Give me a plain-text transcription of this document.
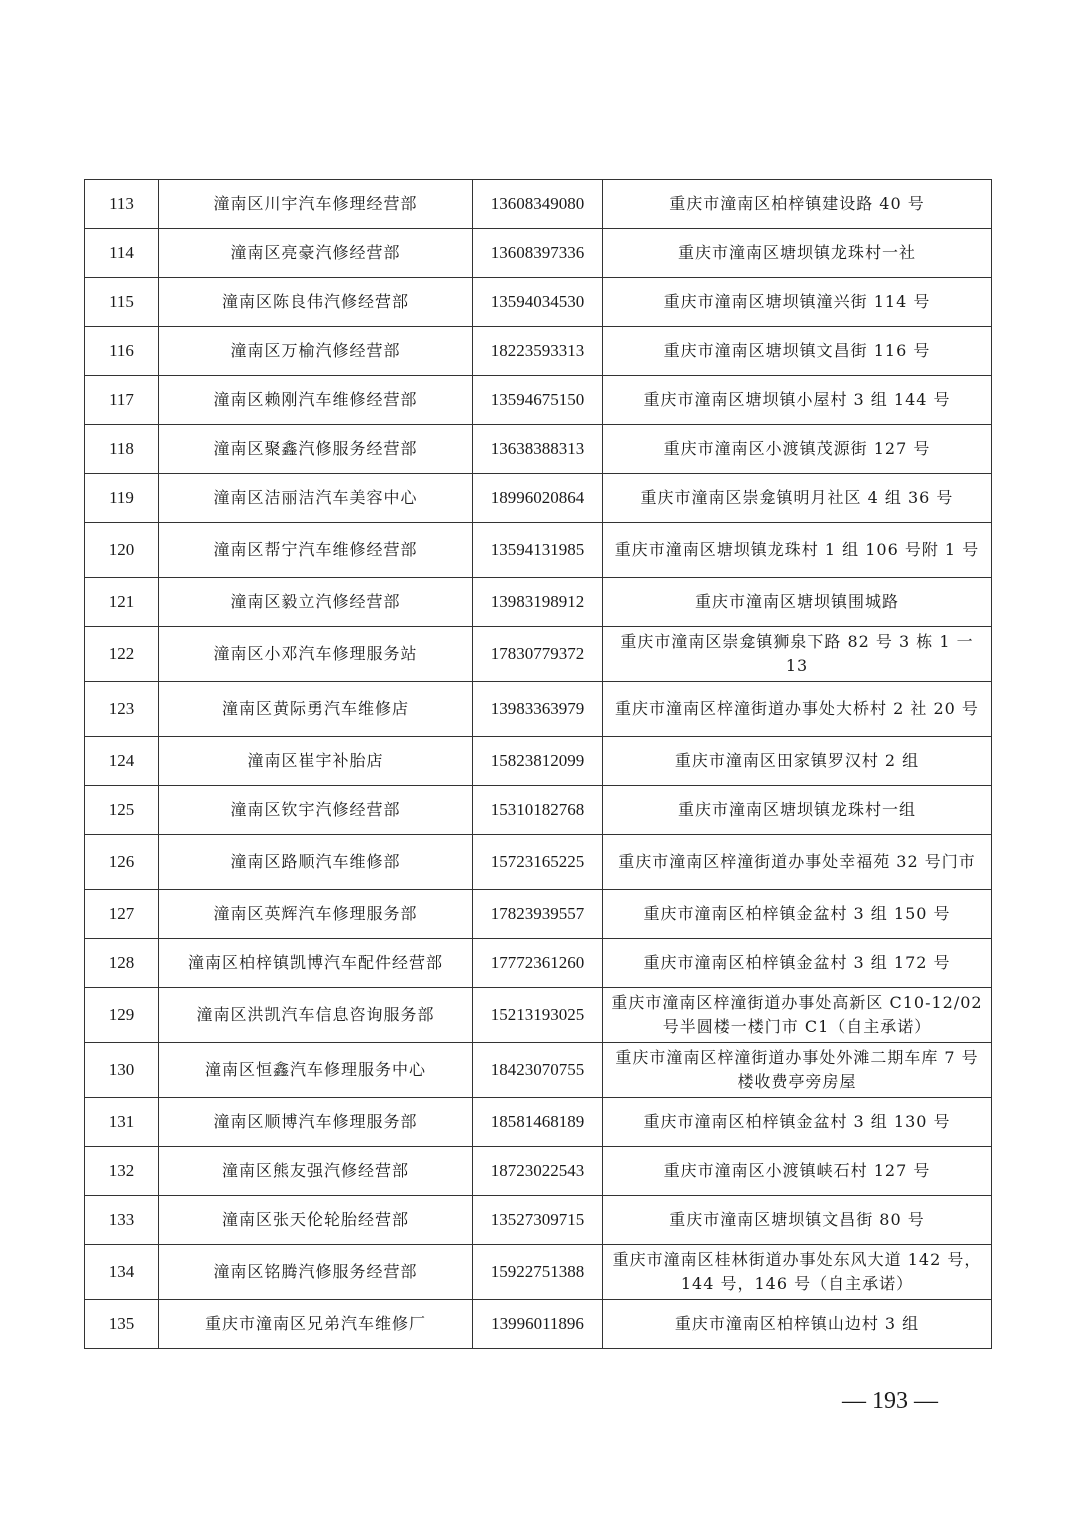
113	潼南区川宇汽车修理经营部	13608349080	重庆市潼南区柏梓镇建设路 40 号
114	潼南区亮豪汽修经营部	13608397336	重庆市潼南区塘坝镇龙珠村一社
115	潼南区陈良伟汽修经营部	13594034530	重庆市潼南区塘坝镇潼兴街 114 号
116	潼南区万榆汽修经营部	18223593313	重庆市潼南区塘坝镇文昌街 116 号
117	潼南区赖刚汽车维修经营部	13594675150	重庆市潼南区塘坝镇小屋村 3 组 144 号
118	潼南区聚鑫汽修服务经营部	13638388313	重庆市潼南区小渡镇茂源街 127 号
119	潼南区洁丽洁汽车美容中心	18996020864	重庆市潼南区崇龛镇明月社区 4 组 36 号
120	潼南区帮宁汽车维修经营部	13594131985	重庆市潼南区塘坝镇龙珠村 1 组 106 号附 1 号
121	潼南区毅立汽修经营部	13983198912	重庆市潼南区塘坝镇围城路
122	潼南区小邓汽车修理服务站	17830779372	重庆市潼南区崇龛镇狮泉下路 82 号 3 栋 1 一 13
123	潼南区黄际勇汽车维修店	13983363979	重庆市潼南区梓潼街道办事处大桥村 2 社 20 号
124	潼南区崔宇补胎店	15823812099	重庆市潼南区田家镇罗汉村 2 组
125	潼南区钦宇汽修经营部	15310182768	重庆市潼南区塘坝镇龙珠村一组
126	潼南区路顺汽车维修部	15723165225	重庆市潼南区梓潼街道办事处幸福苑 32 号门市
127	潼南区英辉汽车修理服务部	17823939557	重庆市潼南区柏梓镇金盆村 3 组 150 号
128	潼南区柏梓镇凯博汽车配件经营部	17772361260	重庆市潼南区柏梓镇金盆村 3 组 172 号
129	潼南区洪凯汽车信息咨询服务部	15213193025	重庆市潼南区梓潼街道办事处高新区 C10-12/02 号半圆楼一楼门市 C1（自主承诺）
130	潼南区恒鑫汽车修理服务中心	18423070755	重庆市潼南区梓潼街道办事处外滩二期车库 7 号楼收费亭旁房屋
131	潼南区顺博汽车修理服务部	18581468189	重庆市潼南区柏梓镇金盆村 3 组 130 号
132	潼南区熊友强汽修经营部	18723022543	重庆市潼南区小渡镇峡石村 127 号
133	潼南区张天伦轮胎经营部	13527309715	重庆市潼南区塘坝镇文昌街 80 号
134	潼南区铭腾汽修服务经营部	15922751388	重庆市潼南区桂林街道办事处东风大道 142 号，144 号，146 号（自主承诺）
135	重庆市潼南区兄弟汽车维修厂	13996011896	重庆市潼南区柏梓镇山边村 3 组
— 193 —
